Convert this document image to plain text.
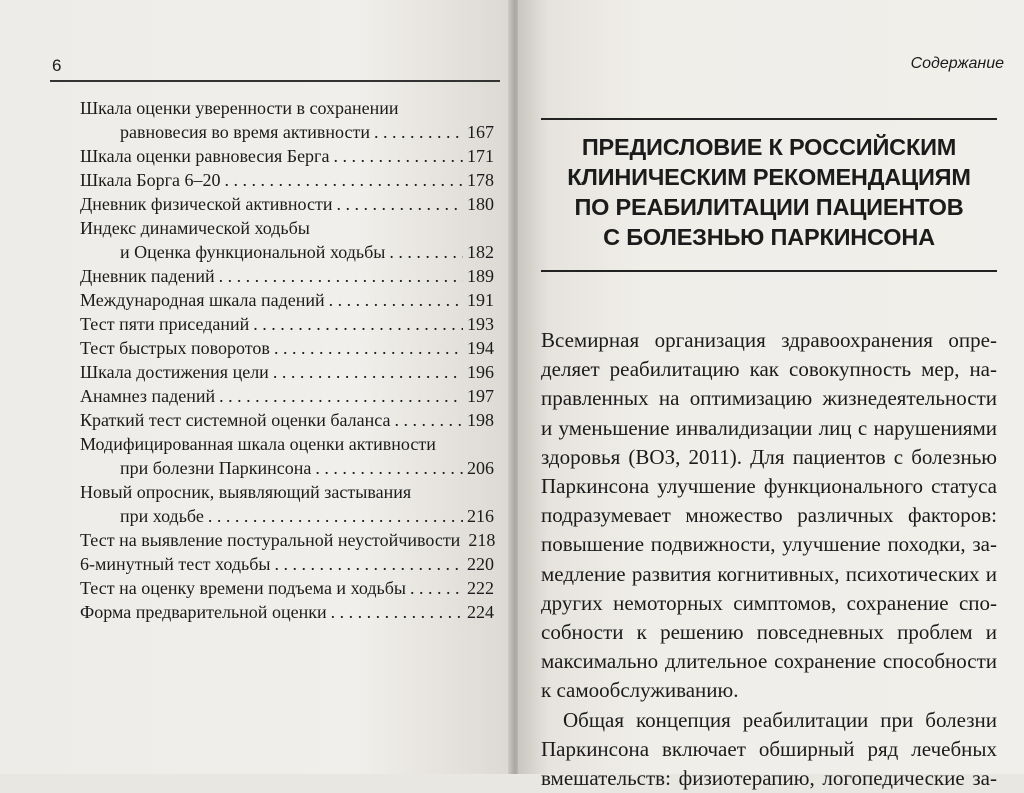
6	Содержание
Шкала оценки уверенности в сохранении
равновесия во время активности . . .	167
Шкала оценки равновесия Берга . . .	171
Шкала Борга 6–20 . . .	178
Дневник физической активности . . .	180
Индекс динамической ходьбы
и Оценка функциональной ходьбы . . .	182
Дневник падений . . .	189
Международная шкала падений . . .	191
Тест пяти приседаний . . .	193
Тест быстрых поворотов . . .	194
Шкала достижения цели . . .	196
Анамнез падений . . .	197
Краткий тест системной оценки баланса . . .	198
Модифицированная шкала оценки активности
при болезни Паркинсона . . .	206
Новый опросник, выявляющий застывания
при ходьбе . . .	216
Тест на выявление постуральной неустойчивости 218
6-минутный тест ходьбы . . .	220
Тест на оценку времени подъема и ходьбы . . .	222
Форма предварительной оценки . . .	224
ПРЕДИСЛОВИЕ К РОССИЙСКИМ
КЛИНИЧЕСКИМ РЕКОМЕНДАЦИЯМ
ПО РЕАБИЛИТАЦИИ ПАЦИЕНТОВ
С БОЛЕЗНЬЮ ПАРКИНСОНА
Всемирная организация здравоохранения опре-
деляет реабилитацию как совокупность мер, на-
правленных на оптимизацию жизнедеятельности
и уменьшение инвалидизации лиц с нарушениями
здоровья (ВОЗ, 2011). Для пациентов с болезнью
Паркинсона улучшение функционального статуса
подразумевает множество различных факторов:
повышение подвижности, улучшение походки, за-
медление развития когнитивных, психотических и
других немоторных симптомов, сохранение спо-
собности к решению повседневных проблем и
максимально длительное сохранение способности
к самообслуживанию.
Общая концепция реабилитации при болезни
Паркинсона включает обширный ряд лечебных
вмешательств: физиотерапию, логопедические за-
